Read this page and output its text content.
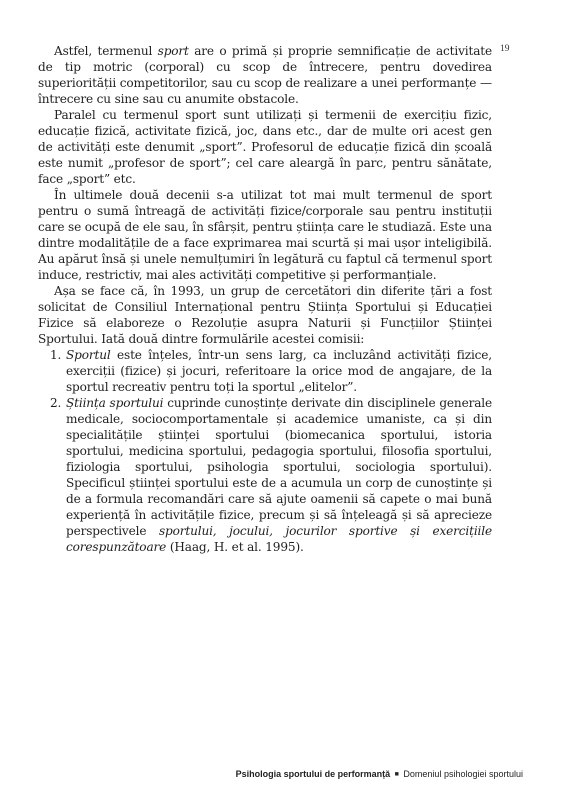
19

Astfel, termenul sport are o primă și proprie semnificație de activitate de tip motric (corporal) cu scop de întrecere, pentru dovedirea superiorității competitorilor, sau cu scop de realizare a unei performanțe — întrecere cu sine sau cu anumite obstacole.

Paralel cu termenul sport sunt utilizați și termenii de exercițiu fizic, educație fizică, activitate fizică, joc, dans etc., dar de multe ori acest gen de activități este denumit „sport”. Profesorul de educație fizică din școală este numit „profesor de sport”; cel care aleargă în parc, pentru sănătate, face „sport” etc.

În ultimele două decenii s-a utilizat tot mai mult termenul de sport pentru o sumă întreagă de activități fizice/corporale sau pentru instituții care se ocupă de ele sau, în sfârșit, pentru știința care le studiază. Este una dintre modalitățile de a face exprimarea mai scurtă și mai ușor inteligibilă. Au apărut însă și unele nemulțumiri în legătură cu faptul că termenul sport induce, restrictiv, mai ales activități competitive și performanțiale.

Așa se face că, în 1993, un grup de cercetători din diferite țări a fost solicitat de Consiliul Internațional pentru Știința Sportului și Educației Fizice să elaboreze o Rezoluție asupra Naturii și Funcțiilor Științei Sportului. Iată două dintre formulările acestei comisii:

1. Sportul este înțeles, într-un sens larg, ca incluzând activități fizice, exerciții (fizice) și jocuri, referitoare la orice mod de angajare, de la sportul recreativ pentru toți la sportul „elitelor”.
2. Știința sportului cuprinde cunoștințe derivate din disciplinele generale medicale, sociocomportamentale și academice umaniste, ca și din specialitățile științei sportului (biomecanica sportului, istoria sportului, medicina sportului, pedagogia sportului, filosofia sportului, fiziologia sportului, psihologia sportului, sociologia sportului). Specificul științei sportului este de a acumula un corp de cunoștințe și de a formula recomandări care să ajute oamenii să capete o mai bună experiență în activitățile fizice, precum și să înțeleagă și să aprecieze perspectivele sportului, jocului, jocurilor sportive și exercițiile corespunzătoare (Haag, H. et al. 1995).
Psihologia sportului de performanță ■ Domeniul psihologiei sportului
